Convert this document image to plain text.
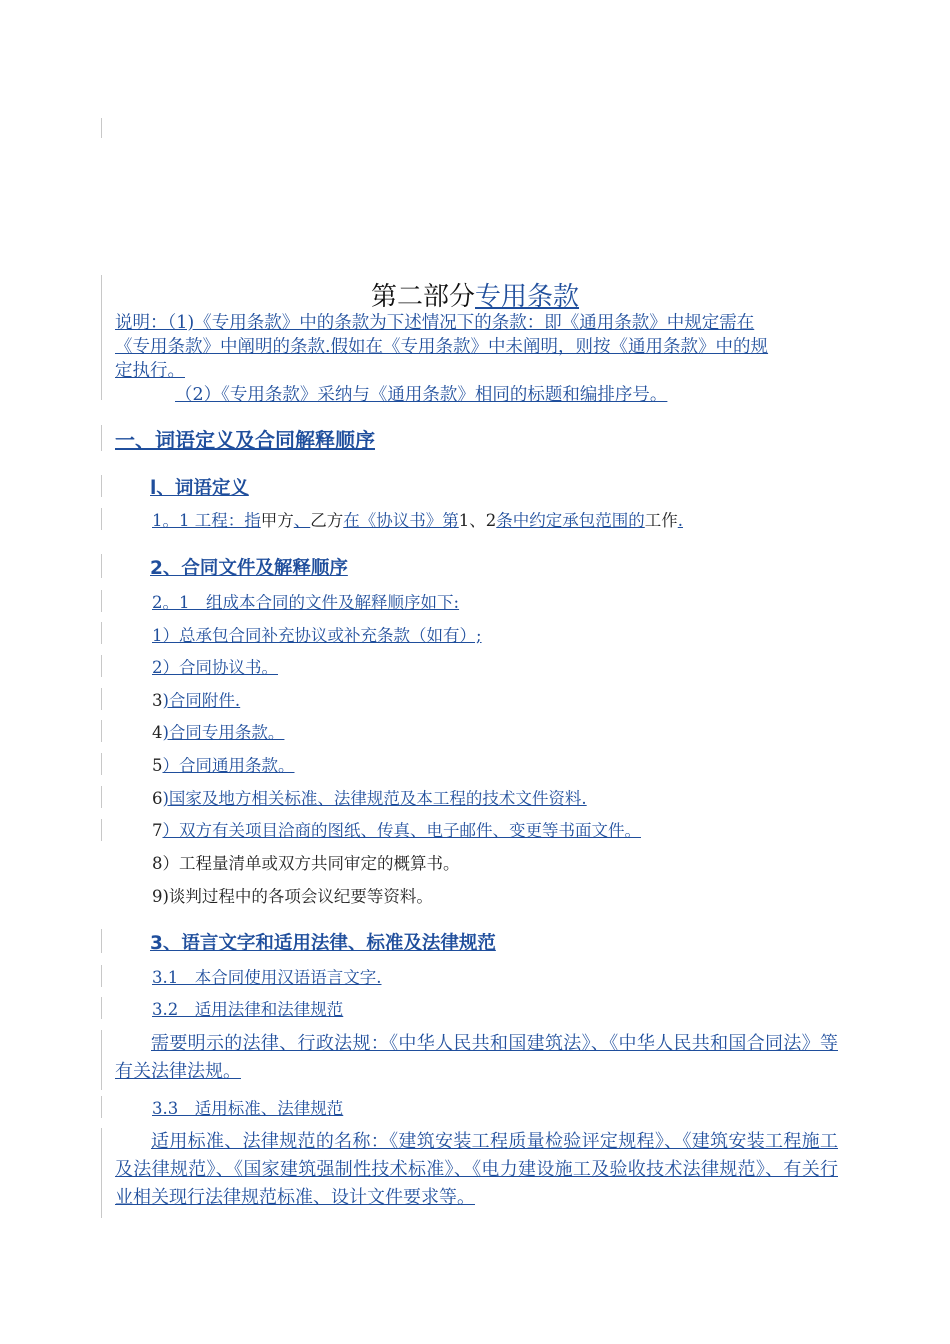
第二部分专用条款
说明：（1)《专用条款》中的条款为下述情况下的条款：即《通用条款》中规定需在
《专用条款》中阐明的条款.假如在《专用条款》中未阐明，则按《通用条款》中的规
定执行。
（2）《专用条款》采纳与《通用条款》相同的标题和编排序号。
一、词语定义及合同解释顺序
l、词语定义
1。1 工程：指甲方、乙方在《协议书》第1、2条中约定承包范围的工作.
2、合同文件及解释顺序
2。1　组成本合同的文件及解释顺序如下:
1）总承包合同补充协议或补充条款（如有）;
2）合同协议书。
3)合同附件.
4)合同专用条款。
5）合同通用条款。
6)国家及地方相关标准、法律规范及本工程的技术文件资料.
7）双方有关项目洽商的图纸、传真、电子邮件、变更等书面文件。
8）工程量清单或双方共同审定的概算书。
9)谈判过程中的各项会议纪要等资料。
3、语言文字和适用法律、标准及法律规范
3.1　本合同使用汉语语言文字.
3.2　适用法律和法律规范
需要明示的法律、行政法规：《中华人民共和国建筑法》、《中华人民共和国合同法》等有关法律法规。
3.3　适用标准、法律规范
适用标准、法律规范的名称：《建筑安装工程质量检验评定规程》、《建筑安装工程施工及法律规范》、《国家建筑强制性技术标准》、《电力建设施工及验收技术法律规范》、有关行业相关现行法律规范标准、设计文件要求等。
